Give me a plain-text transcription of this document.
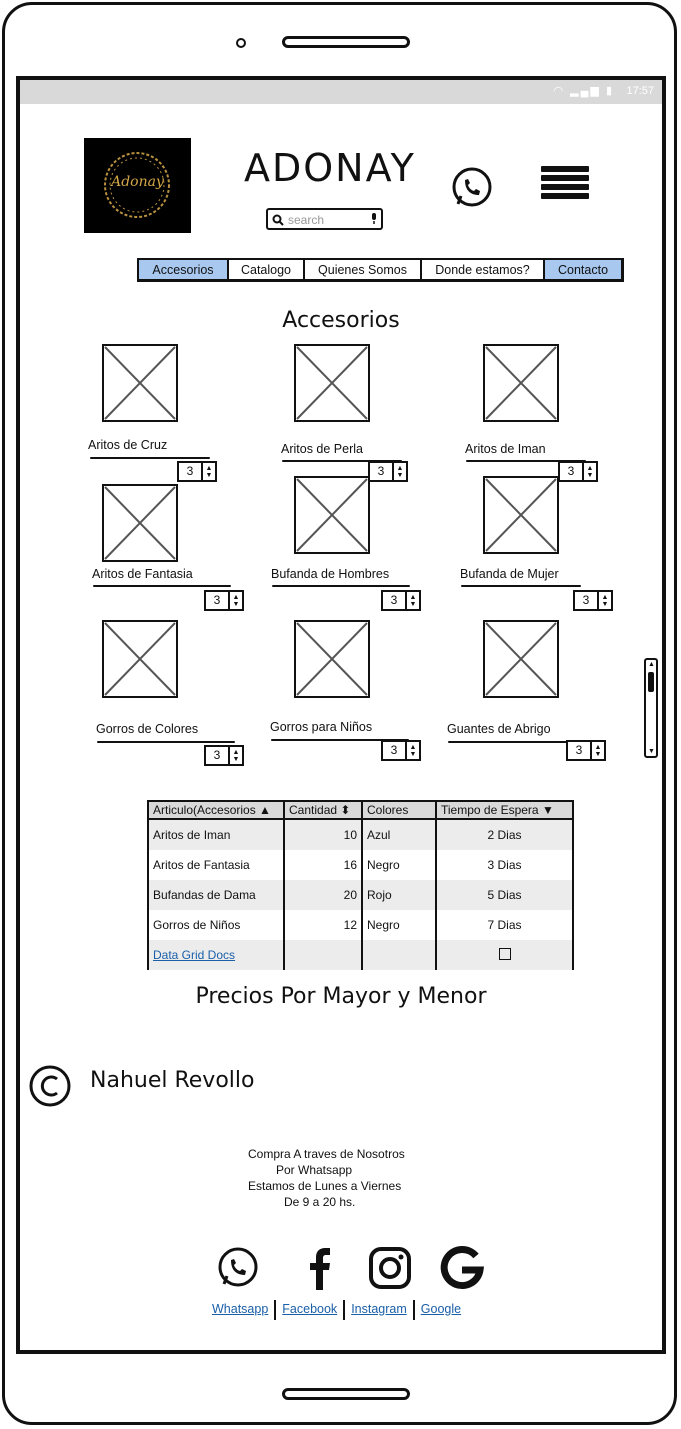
◠ ▂▄▆ ▮ 17:57
Adonay	ADONAY
search
Accesorios	Catalogo	Quienes Somos	Donde estamos?	Contacto
Accesorios
Aritos de Cruz
3	▲
▼
Aritos de Perla
3	▲
▼
Aritos de Iman
3	▲
▼
Aritos de Fantasia
3	▲
▼
Bufanda de Hombres
3	▲
▼
Bufanda de Mujer
3	▲
▼
Gorros de Colores
3	▲
▼
Gorros para Niños
3	▲
▼
Guantes de Abrigo
3	▲
▼
▲
▼
Articulo(Accesorios ▲	Cantidad ⬍	Colores	Tiempo de Espera ▼
Aritos de Iman	10	Azul	2 Dias
Aritos de Fantasia	16	Negro	3 Dias
Bufandas de Dama	20	Rojo	5 Dias
Gorros de Niños	12	Negro	7 Dias
Data Grid Docs			
Precios Por Mayor y Menor
Nahuel Revollo
Compra A traves de Nosotros
Por Whatsapp
Estamos de Lunes a Viernes
De 9 a 20 hs.
Whatsapp	Facebook	Instagram	Google
